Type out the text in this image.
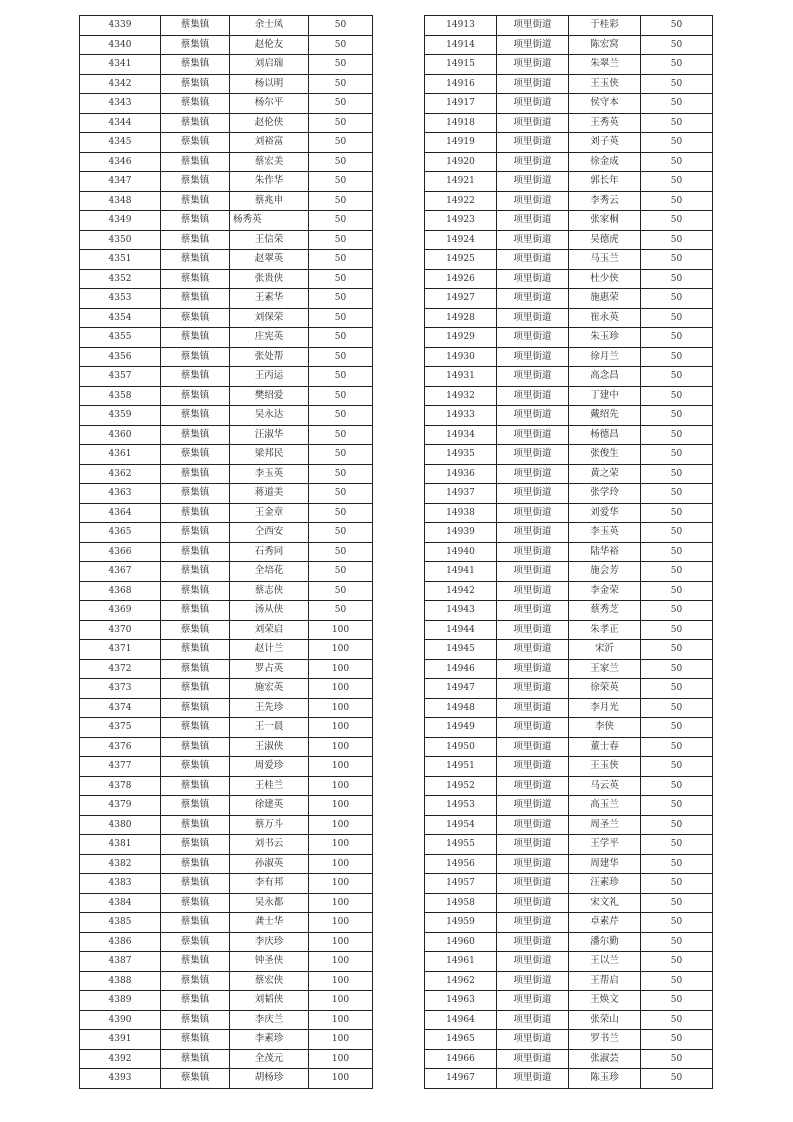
4339	蔡集镇	余士凤	50
4340	蔡集镇	赵伦友	50
4341	蔡集镇	刘启瑞	50
4342	蔡集镇	杨以明	50
4343	蔡集镇	杨尔平	50
4344	蔡集镇	赵伦侠	50
4345	蔡集镇	刘裕富	50
4346	蔡集镇	蔡宏美	50
4347	蔡集镇	朱作华	50
4348	蔡集镇	蔡兆申	50
4349	蔡集镇	杨秀英	50
4350	蔡集镇	王信荣	50
4351	蔡集镇	赵翠英	50
4352	蔡集镇	张贵侠	50
4353	蔡集镇	王素华	50
4354	蔡集镇	刘保荣	50
4355	蔡集镇	庄宪英	50
4356	蔡集镇	张处帮	50
4357	蔡集镇	王丙运	50
4358	蔡集镇	樊绍爱	50
4359	蔡集镇	吴永达	50
4360	蔡集镇	汪淑华	50
4361	蔡集镇	梁邦民	50
4362	蔡集镇	李玉英	50
4363	蔡集镇	蒋道美	50
4364	蔡集镇	王金章	50
4365	蔡集镇	仝西安	50
4366	蔡集镇	石秀同	50
4367	蔡集镇	全培花	50
4368	蔡集镇	蔡志侠	50
4369	蔡集镇	汤从侠	50
4370	蔡集镇	刘荣启	100
4371	蔡集镇	赵计兰	100
4372	蔡集镇	罗占英	100
4373	蔡集镇	施宏英	100
4374	蔡集镇	王先珍	100
4375	蔡集镇	王一晨	100
4376	蔡集镇	王淑侠	100
4377	蔡集镇	周爱珍	100
4378	蔡集镇	王桂兰	100
4379	蔡集镇	徐建英	100
4380	蔡集镇	蔡万斗	100
4381	蔡集镇	刘书云	100
4382	蔡集镇	孙淑英	100
4383	蔡集镇	李有邦	100
4384	蔡集镇	吴永都	100
4385	蔡集镇	龚士华	100
4386	蔡集镇	李庆珍	100
4387	蔡集镇	钟圣侠	100
4388	蔡集镇	蔡宏侠	100
4389	蔡集镇	刘韬侠	100
4390	蔡集镇	李庆兰	100
4391	蔡集镇	李素珍	100
4392	蔡集镇	全茂元	100
4393	蔡集镇	胡杨珍	100
14913	项里街道	于桂彩	50
14914	项里街道	陈宏窝	50
14915	项里街道	朱翠兰	50
14916	项里街道	王玉侠	50
14917	项里街道	侯守本	50
14918	项里街道	王秀英	50
14919	项里街道	刘子英	50
14920	项里街道	徐金成	50
14921	项里街道	郭长年	50
14922	项里街道	李秀云	50
14923	项里街道	张家桐	50
14924	项里街道	吴德虎	50
14925	项里街道	马玉兰	50
14926	项里街道	杜少侠	50
14927	项里街道	施惠荣	50
14928	项里街道	崔永英	50
14929	项里街道	朱玉珍	50
14930	项里街道	徐月兰	50
14931	项里街道	高念昌	50
14932	项里街道	丁建中	50
14933	项里街道	戴绍先	50
14934	项里街道	杨德昌	50
14935	项里街道	张俊生	50
14936	项里街道	黄之荣	50
14937	项里街道	张学玲	50
14938	项里街道	刘爱华	50
14939	项里街道	李玉英	50
14940	项里街道	陆华裕	50
14941	项里街道	施会芳	50
14942	项里街道	李金荣	50
14943	项里街道	蔡秀芝	50
14944	项里街道	朱孝正	50
14945	项里街道	宋沂	50
14946	项里街道	王家兰	50
14947	项里街道	徐荣英	50
14948	项里街道	李月光	50
14949	项里街道	李侠	50
14950	项里街道	董士春	50
14951	项里街道	王玉侠	50
14952	项里街道	马云英	50
14953	项里街道	高玉兰	50
14954	项里街道	周圣兰	50
14955	项里街道	王学平	50
14956	项里街道	周建华	50
14957	项里街道	汪素珍	50
14958	项里街道	宋文礼	50
14959	项里街道	卓素芹	50
14960	项里街道	潘尔勤	50
14961	项里街道	王以兰	50
14962	项里街道	王帮启	50
14963	项里街道	王焕文	50
14964	项里街道	张荣山	50
14965	项里街道	罗书兰	50
14966	项里街道	张淑芸	50
14967	项里街道	陈玉珍	50
